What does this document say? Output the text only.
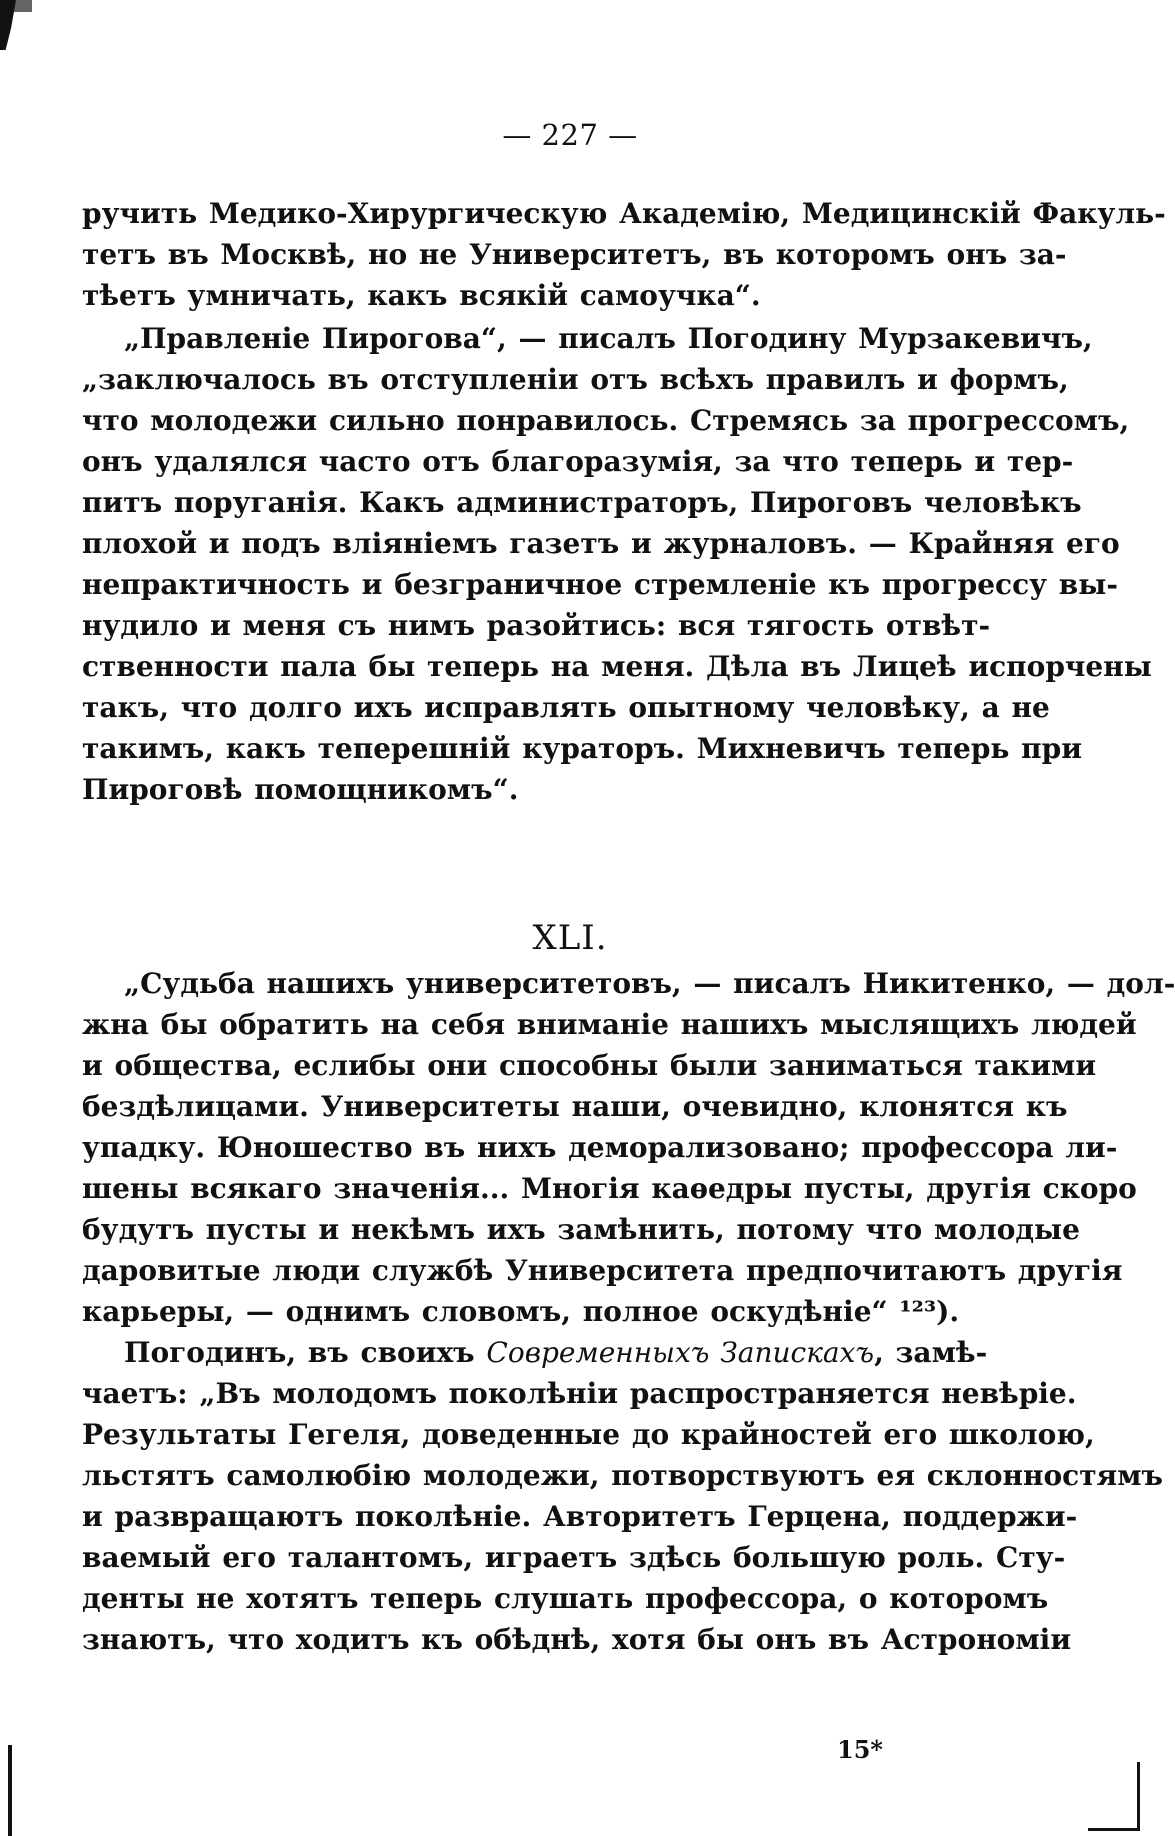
— 227 —
ручить Медико-Хирургическую Академію, Медицинскій Факуль-
тетъ въ Москвѣ, но не Университетъ, въ которомъ онъ за-
тѣетъ умничать, какъ всякій самоучка“.
„Правленіе Пирогова“, — писалъ Погодину Мурзакевичъ,
„заключалось въ отступленіи отъ всѣхъ правилъ и формъ,
что молодежи сильно понравилось. Стремясь за прогрессомъ,
онъ удалялся часто отъ благоразумія, за что теперь и тер-
питъ поруганія. Какъ администраторъ, Пироговъ человѣкъ
плохой и подъ вліяніемъ газетъ и журналовъ. — Крайняя его
непрактичность и безграничное стремленіе къ прогрессу вы-
нудило и меня съ нимъ разойтись: вся тягость отвѣт-
ственности пала бы теперь на меня. Дѣла въ Лицеѣ испорчены
такъ, что долго ихъ исправлять опытному человѣку, а не
такимъ, какъ теперешній кураторъ. Михневичъ теперь при
Пироговѣ помощникомъ“.
XLI.
„Судьба нашихъ университетовъ, — писалъ Никитенко, — дол-
жна бы обратить на себя вниманіе нашихъ мыслящихъ людей
и общества, еслибы они способны были заниматься такими
бездѣлицами. Университеты наши, очевидно, клонятся къ
упадку. Юношество въ нихъ деморализовано; профессора ли-
шены всякаго значенія... Многія каѳедры пусты, другія скоро
будутъ пусты и некѣмъ ихъ замѣнить, потому что молодые
даровитые люди службѣ Университета предпочитаютъ другія
карьеры, — однимъ словомъ, полное оскудѣніе“ ¹²³).
Погодинъ, въ своихъ Современныхъ Запискахъ, замѣ-
чаетъ: „Въ молодомъ поколѣніи распространяется невѣріе.
Результаты Гегеля, доведенные до крайностей его школою,
льстятъ самолюбію молодежи, потворствуютъ ея склонностямъ
и развращаютъ поколѣніе. Авторитетъ Герцена, поддержи-
ваемый его талантомъ, играетъ здѣсь большую роль. Сту-
денты не хотятъ теперь слушать профессора, о которомъ
знаютъ, что ходитъ къ обѣднѣ, хотя бы онъ въ Астрономіи
15*
